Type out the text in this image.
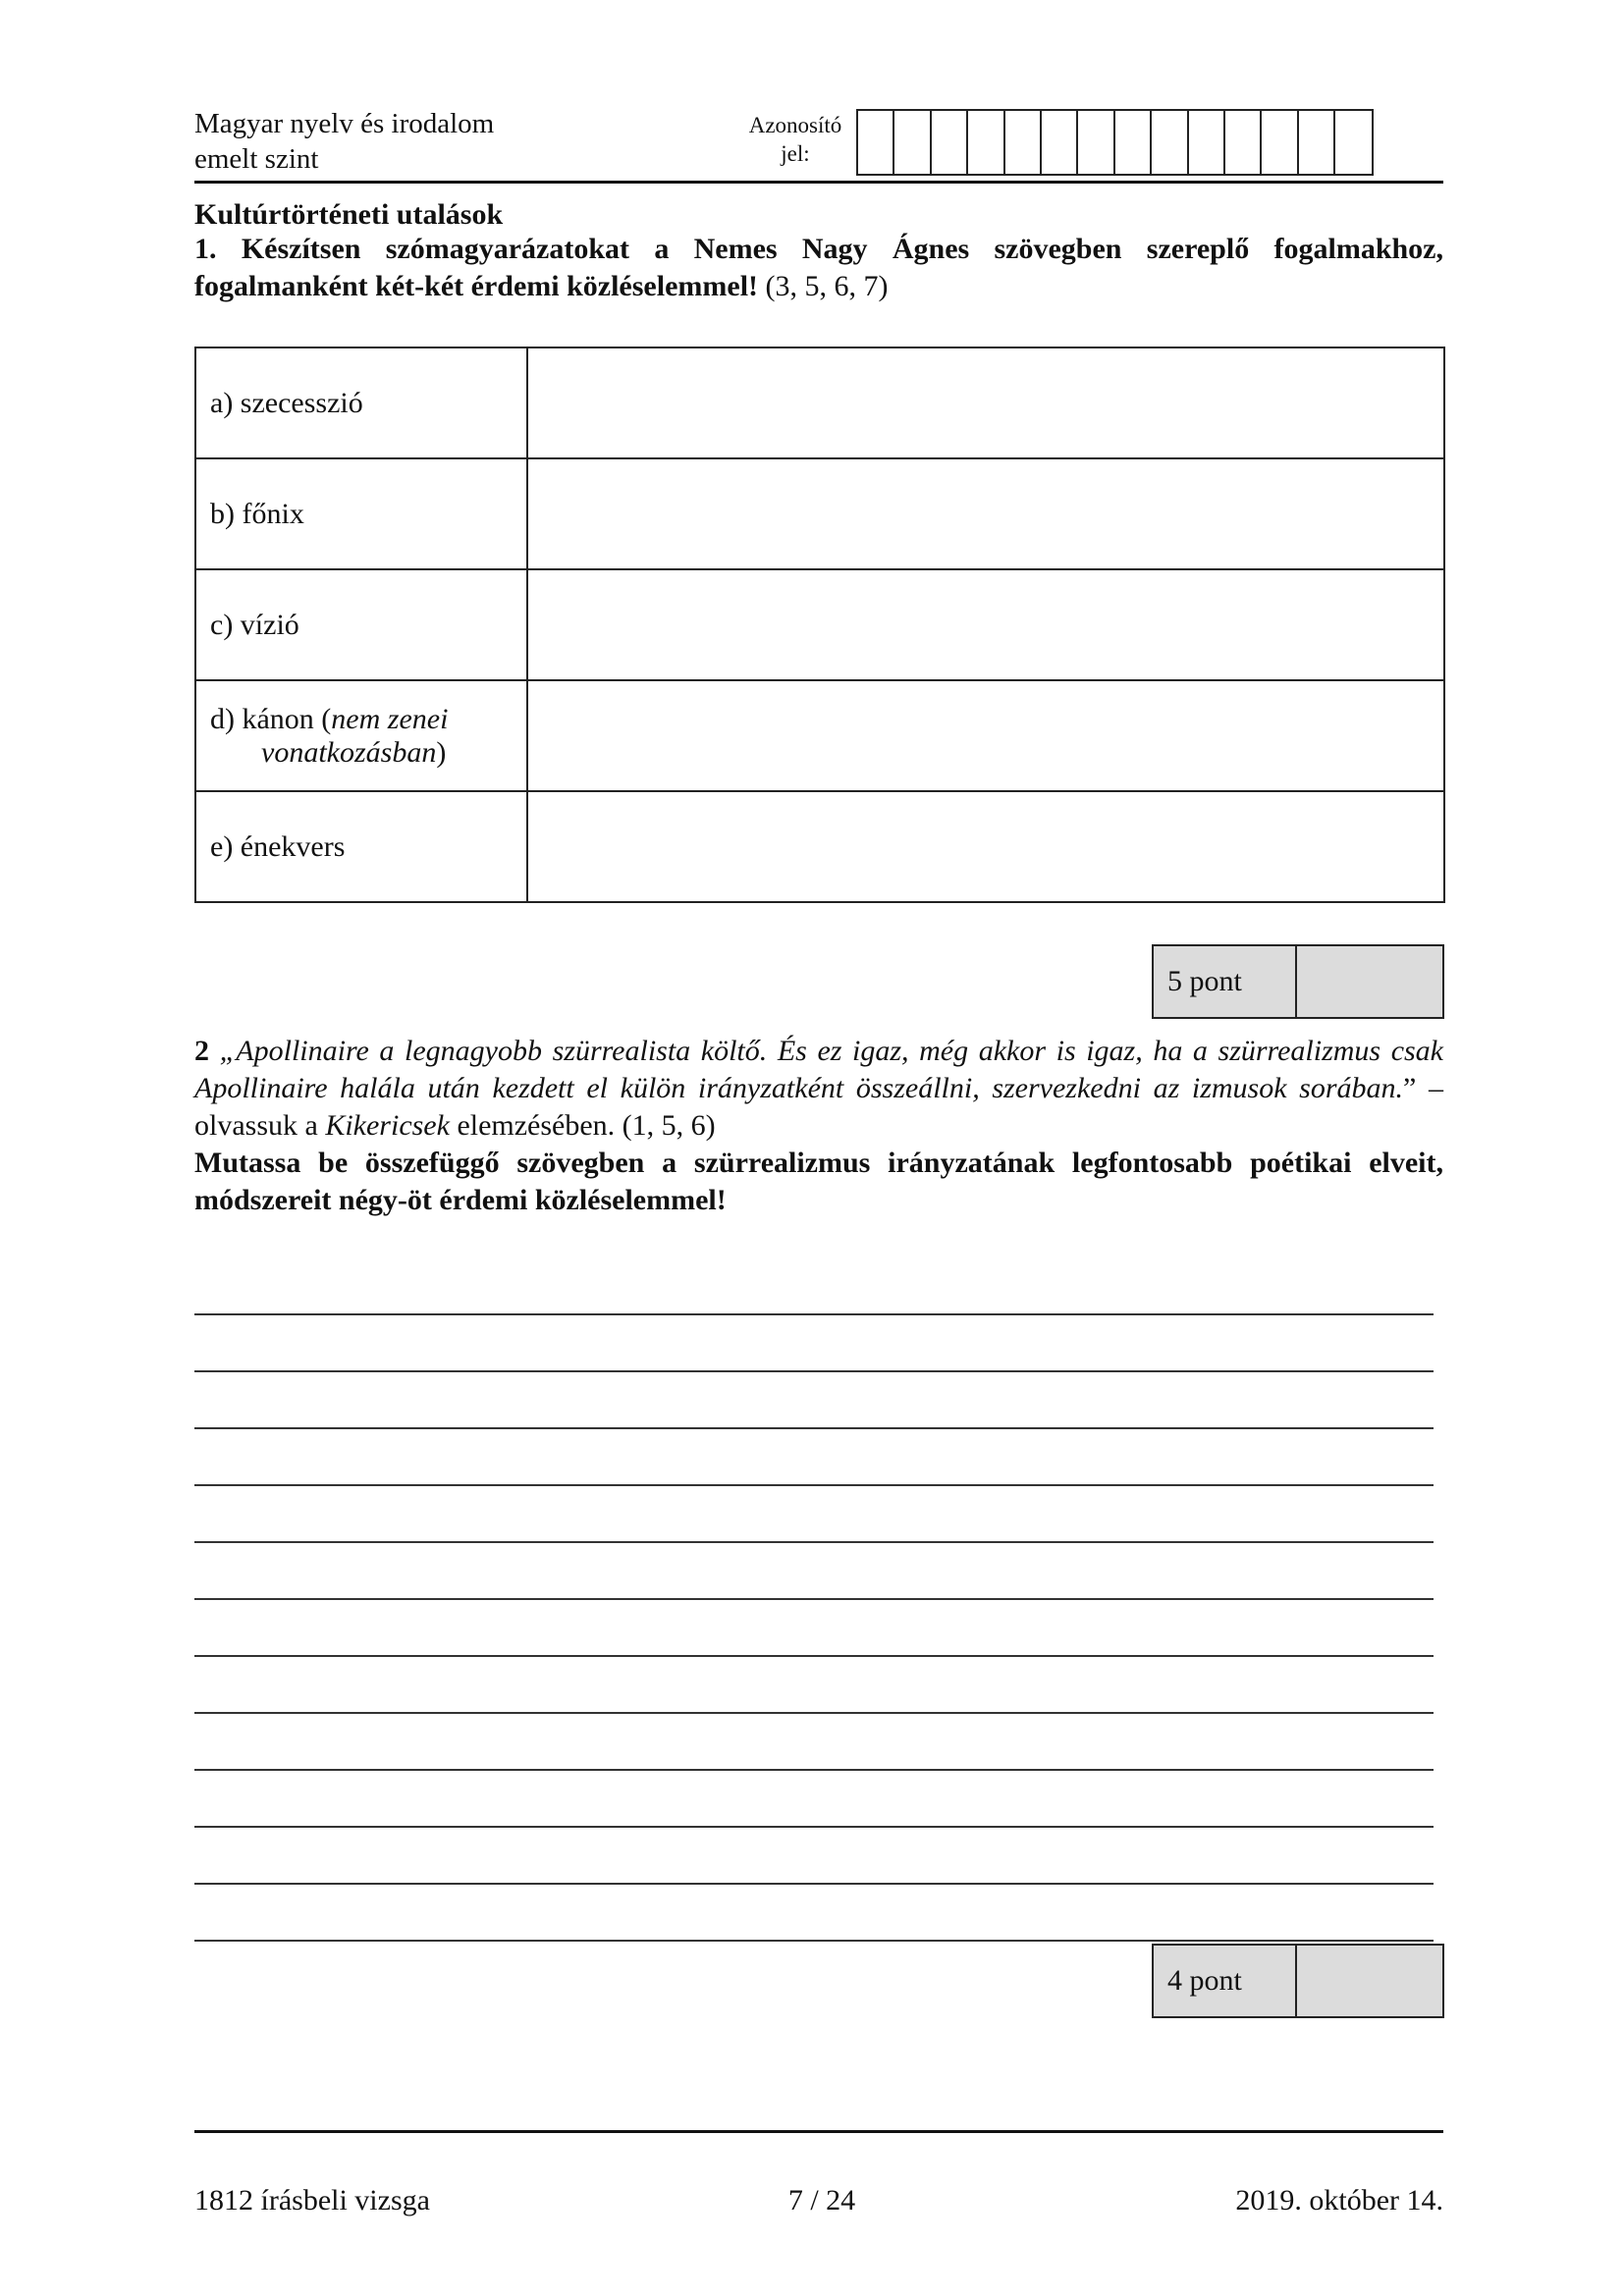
Magyar nyelv és irodalom
emelt szint
Azonosító
jel:
Kultúrtörténeti utalások
1. Készítsen szómagyarázatokat a Nemes Nagy Ágnes szövegben szereplő fogalmakhoz, fogalmanként két-két érdemi közléselemmel! (3, 5, 6, 7)
a) szecesszió	
b) főnix	
c) vízió	
d) kánon (nem zenei
vonatkozásban)	

e) énekvers	
5 pont
2 „Apollinaire a legnagyobb szürrealista költő. És ez igaz, még akkor is igaz, ha a szürrealizmus csak Apollinaire halála után kezdett el külön irányzatként összeállni, szervezkedni az izmusok sorában.” – olvassuk a Kikericsek elemzésében. (1, 5, 6)
Mutassa be összefüggő szövegben a szürrealizmus irányzatának legfontosabb poétikai elveit, módszereit négy-öt érdemi közléselemmel!
4 pont
1812 írásbeli vizsga	7 / 24	2019. október 14.
